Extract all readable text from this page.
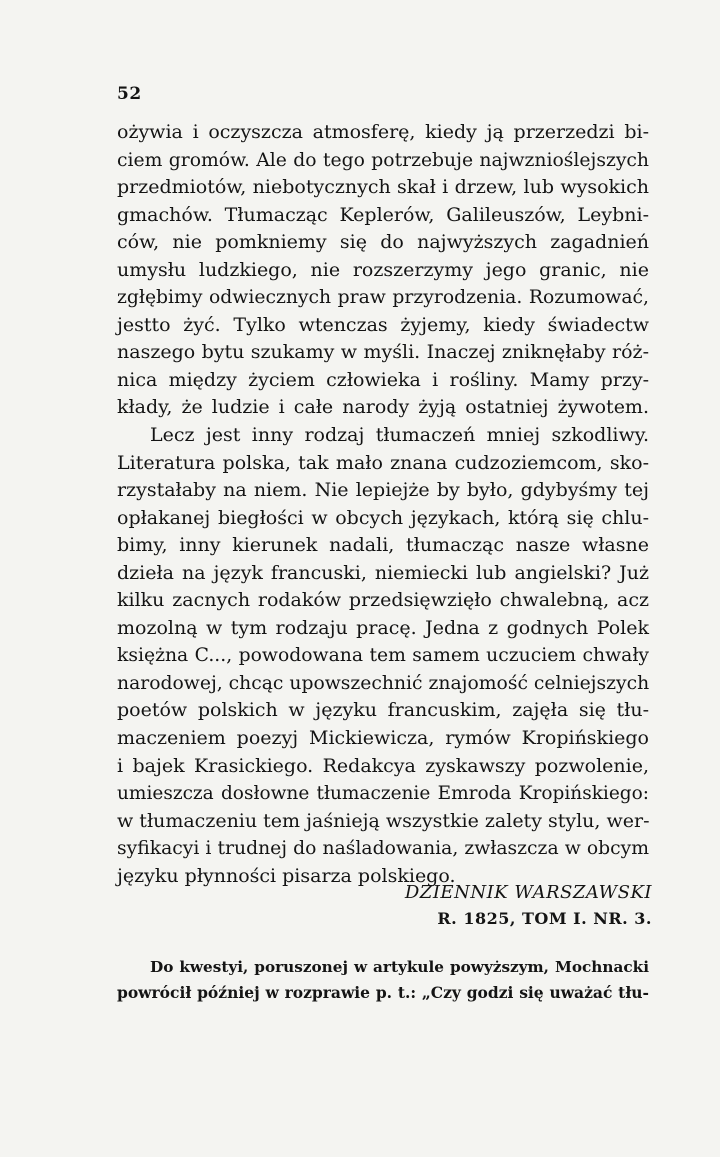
52
ożywia i oczyszcza atmosferę, kiedy ją przerzedzi bi-
ciem gromów. Ale do tego potrzebuje najwznioślejszych
przedmiotów, niebotycznych skał i drzew, lub wysokich
gmachów. Tłumacząc Keplerów, Galileuszów, Leybni-
ców, nie pomkniemy się do najwyższych zagadnień
umysłu ludzkiego, nie rozszerzymy jego granic, nie
zgłębimy odwiecznych praw przyrodzenia. Rozumować,
jestto żyć. Tylko wtenczas żyjemy, kiedy świadectw
naszego bytu szukamy w myśli. Inaczej zniknęłaby róż-
nica między życiem człowieka i rośliny. Mamy przy-
kłady, że ludzie i całe narody żyją ostatniej żywotem.
Lecz jest inny rodzaj tłumaczeń mniej szkodliwy.
Literatura polska, tak mało znana cudzoziemcom, sko-
rzystałaby na niem. Nie lepiejże by było, gdybyśmy tej
opłakanej biegłości w obcych językach, którą się chlu-
bimy, inny kierunek nadali, tłumacząc nasze własne
dzieła na język francuski, niemiecki lub angielski? Już
kilku zacnych rodaków przedsięwzięło chwalebną, acz
mozolną w tym rodzaju pracę. Jedna z godnych Polek
księżna C..., powodowana tem samem uczuciem chwały
narodowej, chcąc upowszechnić znajomość celniejszych
poetów polskich w języku francuskim, zajęła się tłu-
maczeniem poezyj Mickiewicza, rymów Kropińskiego
i bajek Krasickiego. Redakcya zyskawszy pozwolenie,
umieszcza dosłowne tłumaczenie Emroda Kropińskiego:
w tłumaczeniu tem jaśnieją wszystkie zalety stylu, wer-
syfikacyi i trudnej do naśladowania, zwłaszcza w obcym
języku płynności pisarza polskiego.
DZIENNIK WARSZAWSKI
R. 1825, TOM I. NR. 3.
Do kwestyi, poruszonej w artykule powyższym, Mochnacki
powrócił później w rozprawie p. t.: „Czy godzi się uważać tłu-
